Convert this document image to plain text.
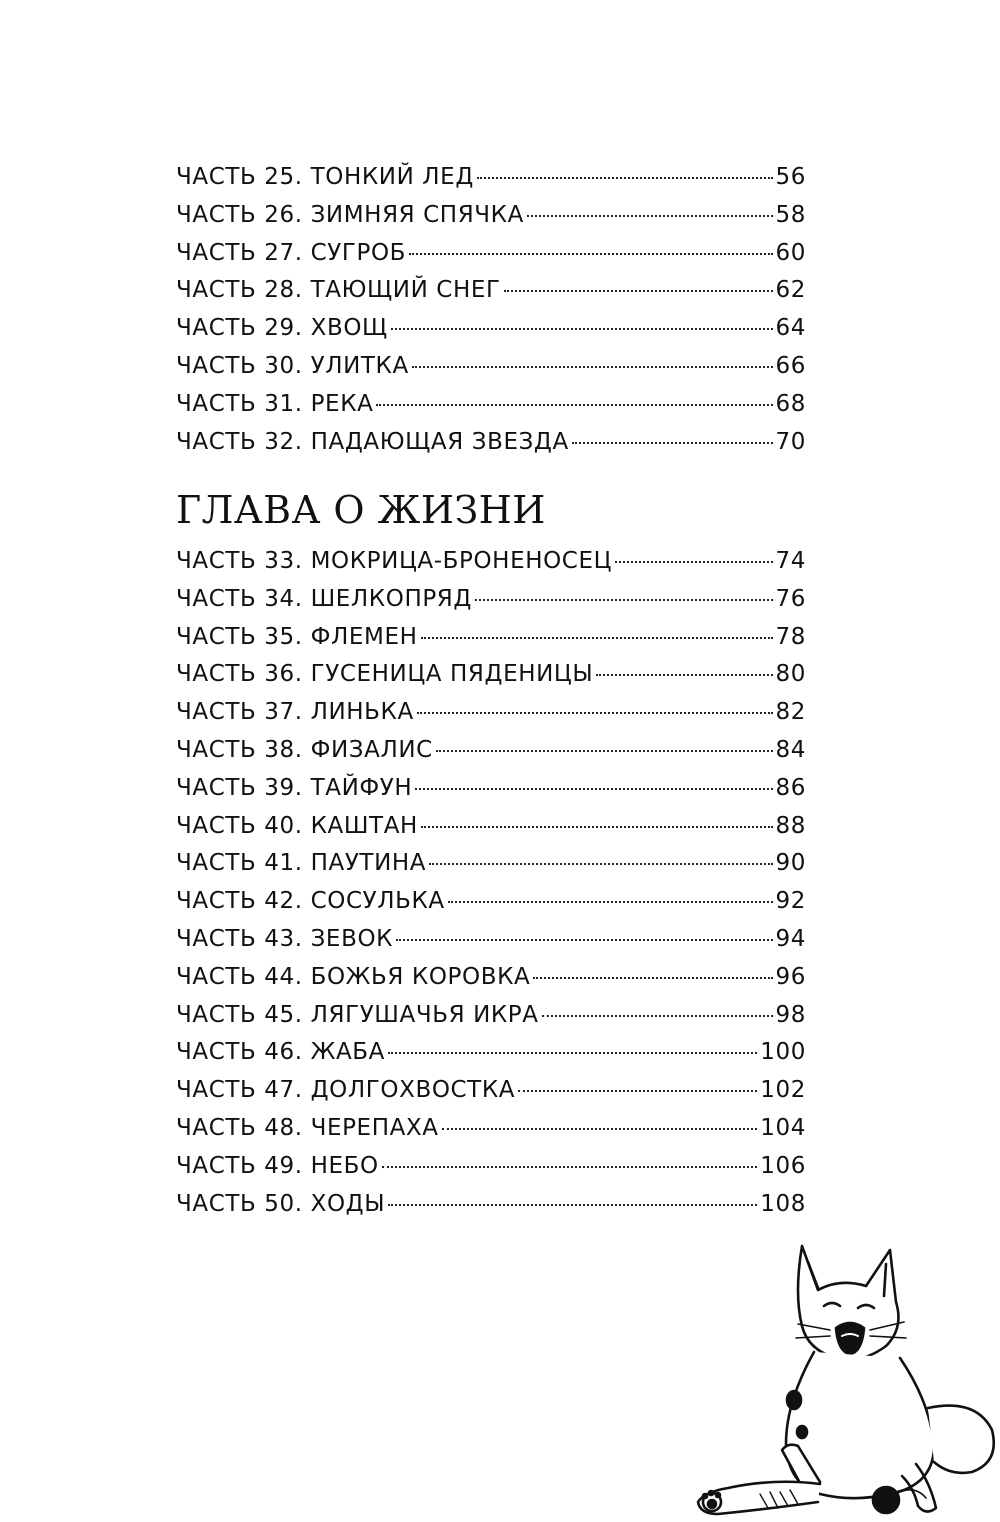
ЧАСТЬ 25. ТОНКИЙ ЛЕД	56
ЧАСТЬ 26. ЗИМНЯЯ СПЯЧКА	58
ЧАСТЬ 27. СУГРОБ	60
ЧАСТЬ 28. ТАЮЩИЙ СНЕГ	62
ЧАСТЬ 29. ХВОЩ	64
ЧАСТЬ 30. УЛИТКА	66
ЧАСТЬ 31. РЕКА	68
ЧАСТЬ 32. ПАДАЮЩАЯ ЗВЕЗДА	70
ГЛАВА О ЖИЗНИ
ЧАСТЬ 33. МОКРИЦА-БРОНЕНОСЕЦ	74
ЧАСТЬ 34. ШЕЛКОПРЯД	76
ЧАСТЬ 35. ФЛЕМЕН	78
ЧАСТЬ 36. ГУСЕНИЦА ПЯДЕНИЦЫ	80
ЧАСТЬ 37. ЛИНЬКА	82
ЧАСТЬ 38. ФИЗАЛИС	84
ЧАСТЬ 39. ТАЙФУН	86
ЧАСТЬ 40. КАШТАН	88
ЧАСТЬ 41. ПАУТИНА	90
ЧАСТЬ 42. СОСУЛЬКА	92
ЧАСТЬ 43. ЗЕВОК	94
ЧАСТЬ 44. БОЖЬЯ КОРОВКА	96
ЧАСТЬ 45. ЛЯГУШАЧЬЯ ИКРА	98
ЧАСТЬ 46. ЖАБА	100
ЧАСТЬ 47. ДОЛГОХВОСТКА	102
ЧАСТЬ 48. ЧЕРЕПАХА	104
ЧАСТЬ 49. НЕБО	106
ЧАСТЬ 50. ХОДЫ	108
